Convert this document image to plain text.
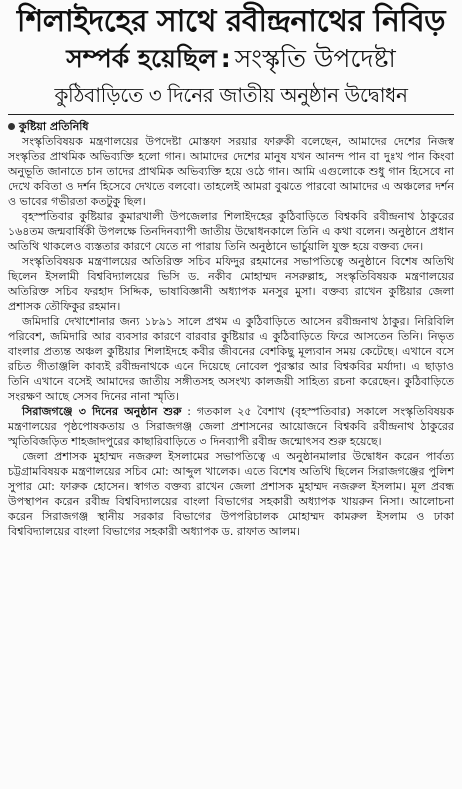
শিলাইদহের সাথে রবীন্দ্রনাথের নিবিড়
সম্পর্ক হয়েছিল : সংস্কৃতি উপদেষ্টা
কুঠিবাড়িতে ৩ দিনের জাতীয় অনুষ্ঠান উদ্বোধন
কুষ্টিয়া প্রতিনিধি

সংস্কৃতিবিষয়ক মন্ত্রণালয়ের উপদেষ্টা মোস্তফা সরয়ার ফারুকী বলেছেন, আমাদের দেশের নিজস্ব সংস্কৃতির প্রাথমিক অভিব্যক্তি হলো গান। আমাদের দেশের মানুষ যখন আনন্দ পান বা দুঃখ পান কিংবা অনুভূতি জানাতে চান তাদের প্রাথমিক অভিব্যক্তি হয়ে ওঠে গান। আমি এগুলোকে শুধু গান হিসেবে না দেখে কবিতা ও দর্শন হিসেবে দেখতে বলবো। তাহলেই আমরা বুঝতে পারবো আমাদের এ অঞ্চলের দর্শন ও ভাবের গভীরতা কতটুকু ছিল।

বৃহস্পতিবার কুষ্টিয়ার কুমারখালী উপজেলার শিলাইদহের কুঠিবাড়িতে বিশ্বকবি রবীন্দ্রনাথ ঠাকুরের ১৬৪তম জন্মবার্ষিকী উপলক্ষে তিনদিনব্যাপী জাতীয় উদ্বোধনকালে তিনি এ কথা বলেন। অনুষ্ঠানে প্রধান অতিথি থাকলেও ব্যস্ততার কারণে যেতে না পারায় তিনি অনুষ্ঠানে ভার্চুয়ালি যুক্ত হয়ে বক্তব্য দেন।

সংস্কৃতিবিষয়ক মন্ত্রণালয়ের অতিরিক্ত সচিব মফিদুর রহমানের সভাপতিত্বে অনুষ্ঠানে বিশেষ অতিথি ছিলেন ইসলামী বিশ্ববিদ্যালয়ের ভিসি ড. নকীব মোহাম্মদ নসরুল্লাহ, সংস্কৃতিবিষয়ক মন্ত্রণালয়ের অতিরিক্ত সচিব ফরহাদ সিদ্দিক, ভাষাবিজ্ঞানী অধ্যাপক মনসুর মুসা। বক্তব্য রাখেন কুষ্টিয়ার জেলা প্রশাসক তৌফিকুর রহমান।

জমিদারি দেখাশোনার জন্য ১৮৯১ সালে প্রথম এ কুঠিবাড়িতে আসেন রবীন্দ্রনাথ ঠাকুর। নিরিবিলি পরিবেশ, জমিদারি আর ব্যবসার কারণে বারবার কুষ্টিয়ার এ কুঠিবাড়িতে ফিরে আসতেন তিনি। নিভৃত বাংলার প্রত্যন্ত অঞ্চল কুষ্টিয়ার শিলাইদহে কবীর জীবনের বেশকিছু মূল্যবান সময় কেটেছে। এখানে বসে রচিত গীতাঞ্জলি কাব্যই রবীন্দ্রনাথকে এনে দিয়েছে নোবেল পুরস্কার আর বিশ্বকবির মর্যাদা। এ ছাড়াও তিনি এখানে বসেই আমাদের জাতীয় সঙ্গীতসহ অসংখ্য কালজয়ী সাহিত্য রচনা করেছেন। কুঠিবাড়িতে সংরক্ষণ আছে সেসব দিনের নানা স্মৃতি।

সিরাজগঞ্জে ৩ দিনের অনুষ্ঠান শুরু : গতকাল ২৫ বৈশাখ (বৃহস্পতিবার) সকালে সংস্কৃতিবিষয়ক মন্ত্রণালয়ের পৃষ্ঠপোষকতায় ও সিরাজগঞ্জ জেলা প্রশাসনের আয়োজনে বিশ্বকবি রবীন্দ্রনাথ ঠাকুরের স্মৃতিবিজড়িত শাহজাদপুরের কাছারিবাড়িতে ৩ দিনব্যাপী রবীন্দ্র জন্মোৎসব শুরু হয়েছে।

জেলা প্রশাসক মুহাম্মদ নজরুল ইসলামের সভাপতিত্বে এ অনুষ্ঠানমালার উদ্বোধন করেন পার্বত্য চট্টগ্রামবিষয়ক মন্ত্রণালয়ের সচিব মো: আব্দুল খালেক। এতে বিশেষ অতিথি ছিলেন সিরাজগঞ্জের পুলিশ সুপার মো: ফারুক হোসেন। স্বাগত বক্তব্য রাখেন জেলা প্রশাসক মুহাম্মদ নজরুল ইসলাম। মূল প্রবন্ধ উপস্থাপন করেন রবীন্দ্র বিশ্ববিদ্যালয়ের বাংলা বিভাগের সহকারী অধ্যাপক খায়রুন নিসা। আলোচনা করেন সিরাজগঞ্জ স্থানীয় সরকার বিভাগের উপপরিচালক মোহাম্মদ কামরুল ইসলাম ও ঢাকা বিশ্ববিদ্যালয়ের বাংলা বিভাগের সহকারী অধ্যাপক ড. রাফাত আলম।
